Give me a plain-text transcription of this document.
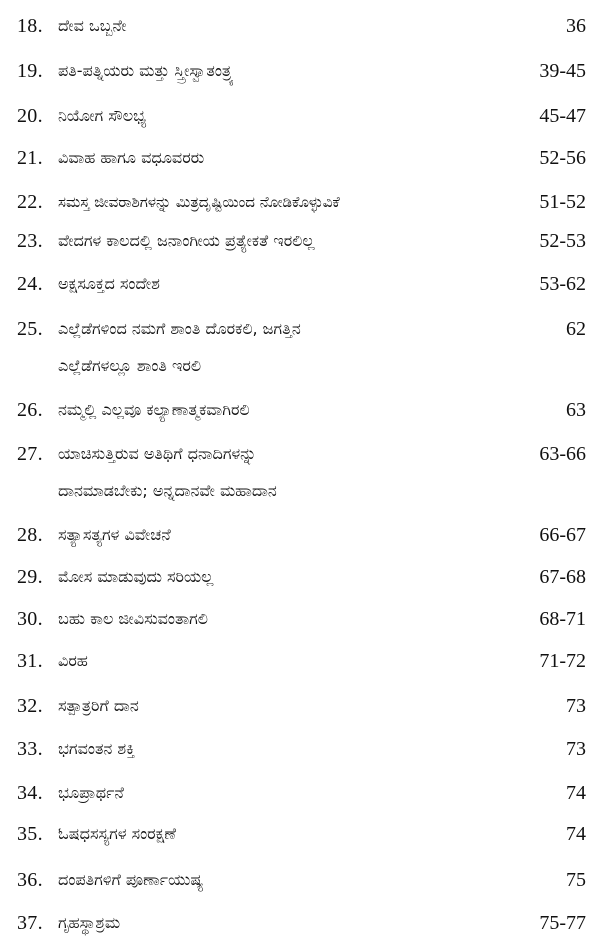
18. ದೇವ ಒಬ್ಬನೇ	36
19. ಪತಿ-ಪತ್ನಿಯರು ಮತ್ತು ಸ್ತ್ರೀಸ್ವಾತಂತ್ರ್ಯ	39-45
20. ನಿಯೋಗ ಸೌಲಭ್ಯ	45-47
21. ವಿವಾಹ ಹಾಗೂ ವಧೂವರರು	52-56
22. ಸಮಸ್ತ ಜೀವರಾಶಿಗಳನ್ನು ಮಿತ್ರದೃಷ್ಟಿಯಿಂದ ನೋಡಿಕೊಳ್ಳುವಿಕೆ	51-52
23. ವೇದಗಳ ಕಾಲದಲ್ಲಿ ಜನಾಂಗೀಯ ಪ್ರತ್ಯೇಕತೆ ಇರಲಿಲ್ಲ	52-53
24. ಅಕ್ಷಸೂಕ್ತದ ಸಂದೇಶ	53-62
25. ಎಲ್ಲೆಡೆಗಳಿಂದ ನಮಗೆ ಶಾಂತಿ ದೊರಕಲಿ, ಜಗತ್ತಿನ	62
ಎಲ್ಲೆಡೆಗಳಲ್ಲೂ ಶಾಂತಿ ಇರಲಿ
26. ನಮ್ಮಲ್ಲಿ ಎಲ್ಲವೂ ಕಲ್ಯಾಣಾತ್ಮಕವಾಗಿರಲಿ	63
27. ಯಾಚಿಸುತ್ತಿರುವ ಅತಿಥಿಗೆ ಧನಾದಿಗಳನ್ನು	63-66
ದಾನಮಾಡಬೇಕು; ಅನ್ನದಾನವೇ ಮಹಾದಾನ
28. ಸತ್ಯಾಸತ್ಯಗಳ ವಿವೇಚನೆ	66-67
29. ಮೋಸ ಮಾಡುವುದು ಸರಿಯಲ್ಲ	67-68
30. ಬಹು ಕಾಲ ಜೀವಿಸುವಂತಾಗಲಿ	68-71
31. ವಿರಹ	71-72
32. ಸತ್ಪಾತ್ರರಿಗೆ ದಾನ	73
33. ಭಗವಂತನ ಶಕ್ತಿ	73
34. ಭೂಪ್ರಾರ್ಥನೆ	74
35. ಓಷಧಸಸ್ಯಗಳ ಸಂರಕ್ಷಣೆ	74
36. ದಂಪತಿಗಳಿಗೆ ಪೂರ್ಣಾಯುಷ್ಯ	75
37. ಗೃಹಸ್ಥಾಶ್ರಮ	75-77
